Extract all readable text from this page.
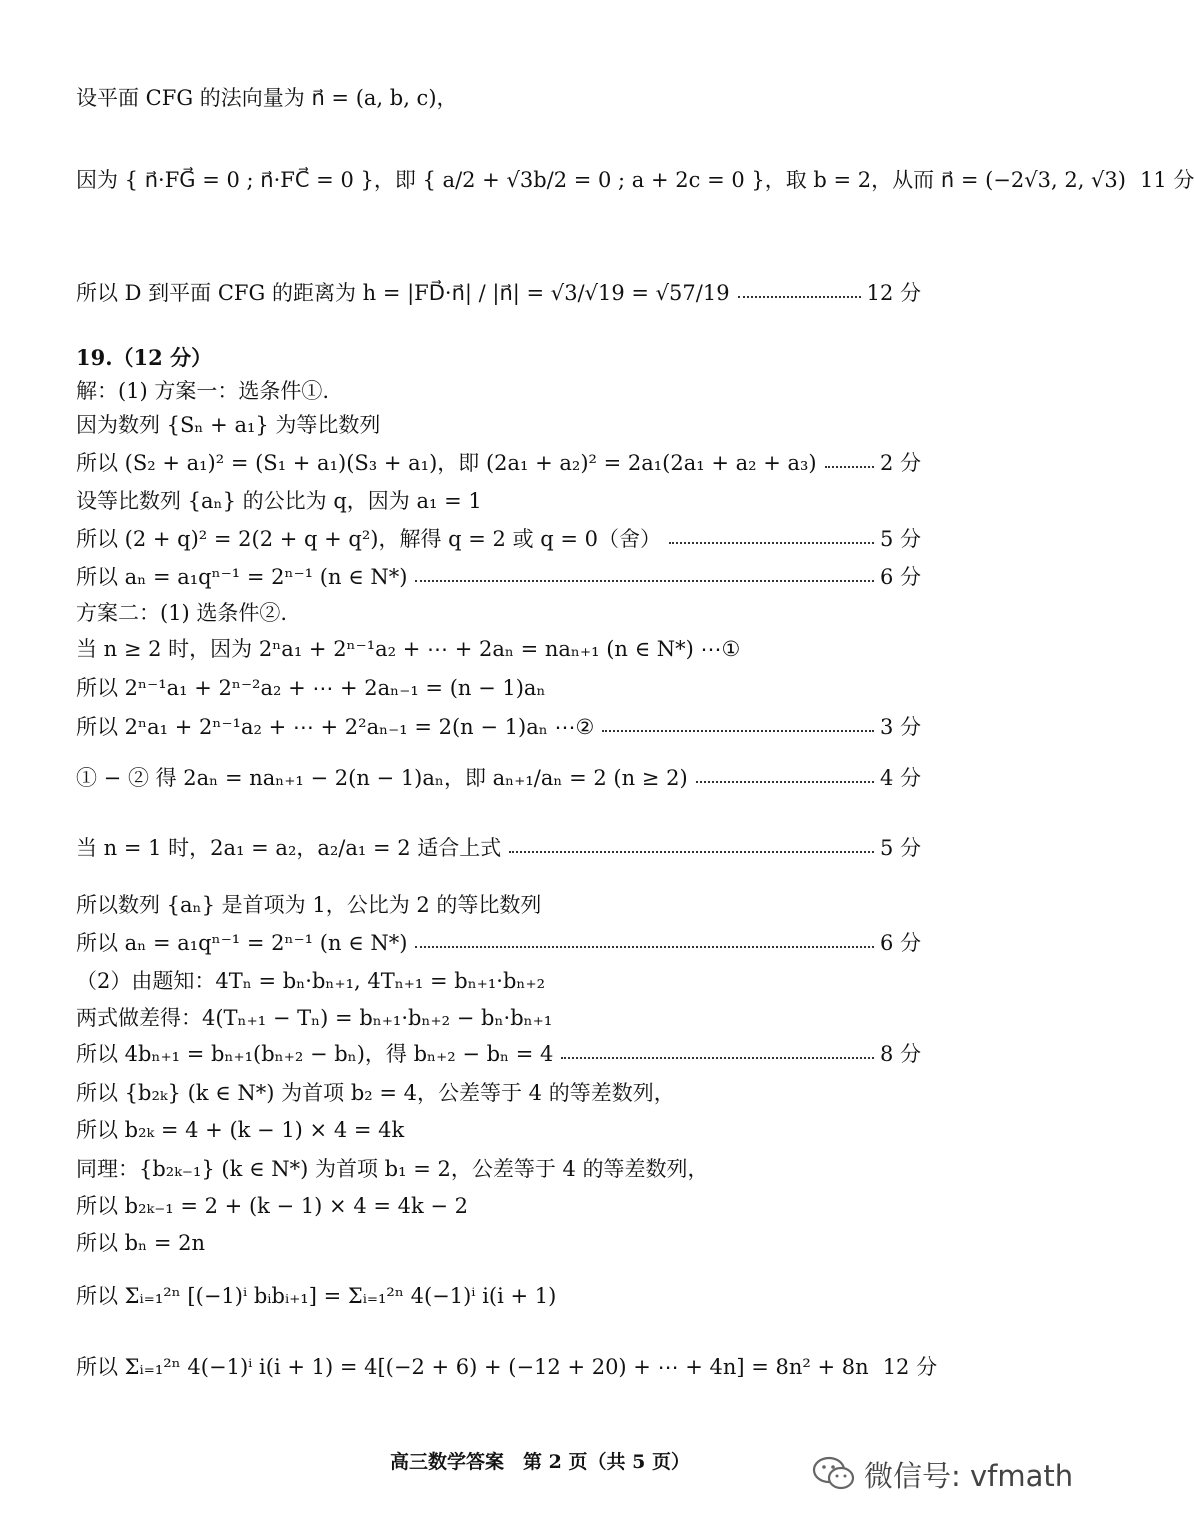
设平面 CFG 的法向量为 n⃗ = (a, b, c)，
因为 { n⃗·FG⃗ = 0 ; n⃗·FC⃗ = 0 }，即 { a/2 + √3b/2 = 0 ; a + 2c = 0 }，取 b = 2，从而 n⃗ = (−2√3, 2, √3) 11 分
所以 D 到平面 CFG 的距离为 h = |FD⃗·n⃗| / |n⃗| = √3/√19 = √57/19	12 分
19.（12 分）
解：(1) 方案一：选条件①.
因为数列 {Sₙ + a₁} 为等比数列
所以 (S₂ + a₁)² = (S₁ + a₁)(S₃ + a₁)，即 (2a₁ + a₂)² = 2a₁(2a₁ + a₂ + a₃)	2 分
设等比数列 {aₙ} 的公比为 q，因为 a₁ = 1
所以 (2 + q)² = 2(2 + q + q²)，解得 q = 2 或 q = 0（舍）	5 分
所以 aₙ = a₁qⁿ⁻¹ = 2ⁿ⁻¹ (n ∈ N*)	6 分
方案二：(1) 选条件②.
当 n ≥ 2 时，因为 2ⁿa₁ + 2ⁿ⁻¹a₂ + ⋯ + 2aₙ = naₙ₊₁ (n ∈ N*) ⋯①
所以 2ⁿ⁻¹a₁ + 2ⁿ⁻²a₂ + ⋯ + 2aₙ₋₁ = (n − 1)aₙ
所以 2ⁿa₁ + 2ⁿ⁻¹a₂ + ⋯ + 2²aₙ₋₁ = 2(n − 1)aₙ ⋯②	3 分
① − ② 得 2aₙ = naₙ₊₁ − 2(n − 1)aₙ，即 aₙ₊₁/aₙ = 2 (n ≥ 2)	4 分
当 n = 1 时，2a₁ = a₂，a₂/a₁ = 2 适合上式	5 分
所以数列 {aₙ} 是首项为 1，公比为 2 的等比数列
所以 aₙ = a₁qⁿ⁻¹ = 2ⁿ⁻¹ (n ∈ N*)	6 分
（2）由题知：4Tₙ = bₙ·bₙ₊₁, 4Tₙ₊₁ = bₙ₊₁·bₙ₊₂
两式做差得：4(Tₙ₊₁ − Tₙ) = bₙ₊₁·bₙ₊₂ − bₙ·bₙ₊₁
所以 4bₙ₊₁ = bₙ₊₁(bₙ₊₂ − bₙ)，得 bₙ₊₂ − bₙ = 4	8 分
所以 {b₂ₖ} (k ∈ N*) 为首项 b₂ = 4，公差等于 4 的等差数列，
所以 b₂ₖ = 4 + (k − 1) × 4 = 4k
同理：{b₂ₖ₋₁} (k ∈ N*) 为首项 b₁ = 2，公差等于 4 的等差数列，
所以 b₂ₖ₋₁ = 2 + (k − 1) × 4 = 4k − 2
所以 bₙ = 2n
所以 Σᵢ₌₁²ⁿ [(−1)ⁱ bᵢbᵢ₊₁] = Σᵢ₌₁²ⁿ 4(−1)ⁱ i(i + 1)
所以 Σᵢ₌₁²ⁿ 4(−1)ⁱ i(i + 1) = 4[(−2 + 6) + (−12 + 20) + ⋯ + 4n] = 8n² + 8n 12 分
高三数学答案　第 2 页（共 5 页）	微信号: vfmath
